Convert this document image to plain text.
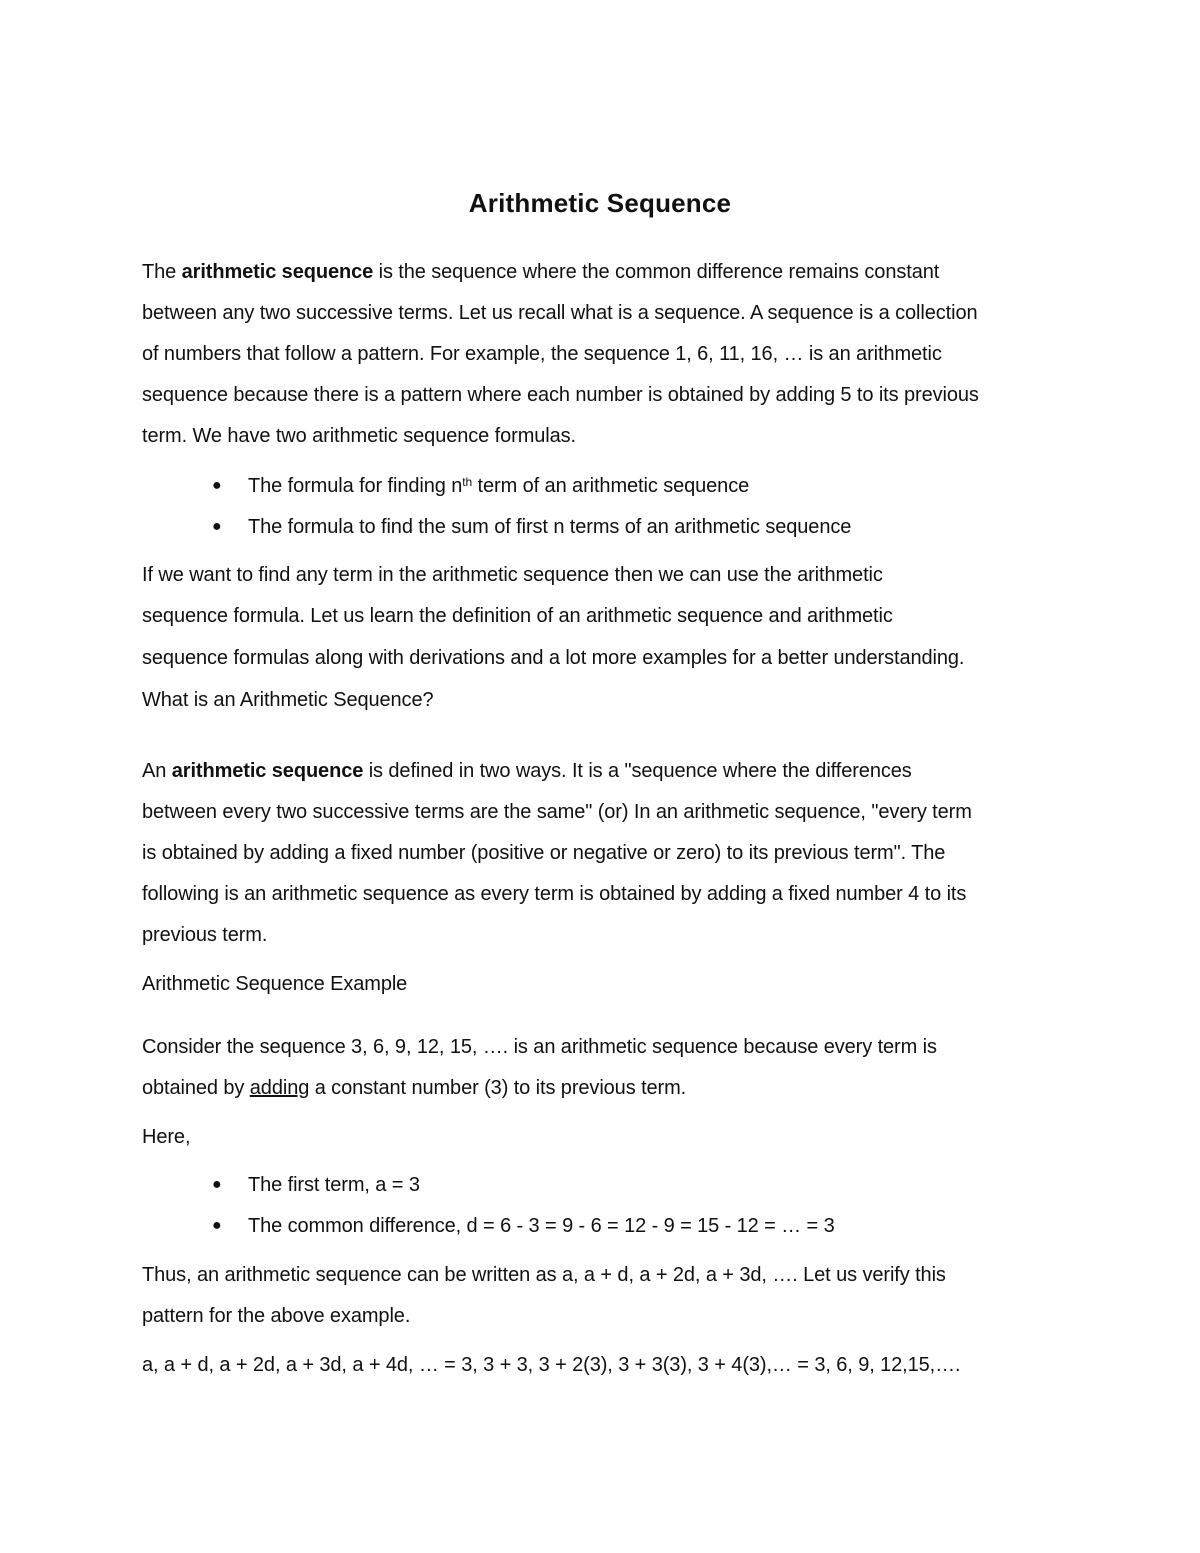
Arithmetic Sequence
The arithmetic sequence is the sequence where the common difference remains constant
between any two successive terms. Let us recall what is a sequence. A sequence is a collection
of numbers that follow a pattern. For example, the sequence 1, 6, 11, 16, … is an arithmetic
sequence because there is a pattern where each number is obtained by adding 5 to its previous
term. We have two arithmetic sequence formulas.
● The formula for finding $n^{th}$ term of an arithmetic sequence
● The formula to find the sum of first n terms of an arithmetic sequence
If we want to find any term in the arithmetic sequence then we can use the arithmetic
sequence formula. Let us learn the definition of an arithmetic sequence and arithmetic
sequence formulas along with derivations and a lot more examples for a better understanding.
What is an Arithmetic Sequence?
An arithmetic sequence is defined in two ways. It is a "sequence where the differences
between every two successive terms are the same" (or) In an arithmetic sequence, "every term
is obtained by adding a fixed number (positive or negative or zero) to its previous term". The
following is an arithmetic sequence as every term is obtained by adding a fixed number 4 to its
previous term.
Arithmetic Sequence Example
Consider the sequence 3, 6, 9, 12, 15, …. is an arithmetic sequence because every term is
obtained by adding a constant number (3) to its previous term.
Here,
● The first term, a = 3
● The common difference, d = 6 - 3 = 9 - 6 = 12 - 9 = 15 - 12 = … = 3
Thus, an arithmetic sequence can be written as a, a + d, a + 2d, a + 3d, …. Let us verify this
pattern for the above example.
a, a + d, a + 2d, a + 3d, a + 4d, … = 3, 3 + 3, 3 + 2(3), 3 + 3(3), 3 + 4(3),… = 3, 6, 9, 12,15,….
